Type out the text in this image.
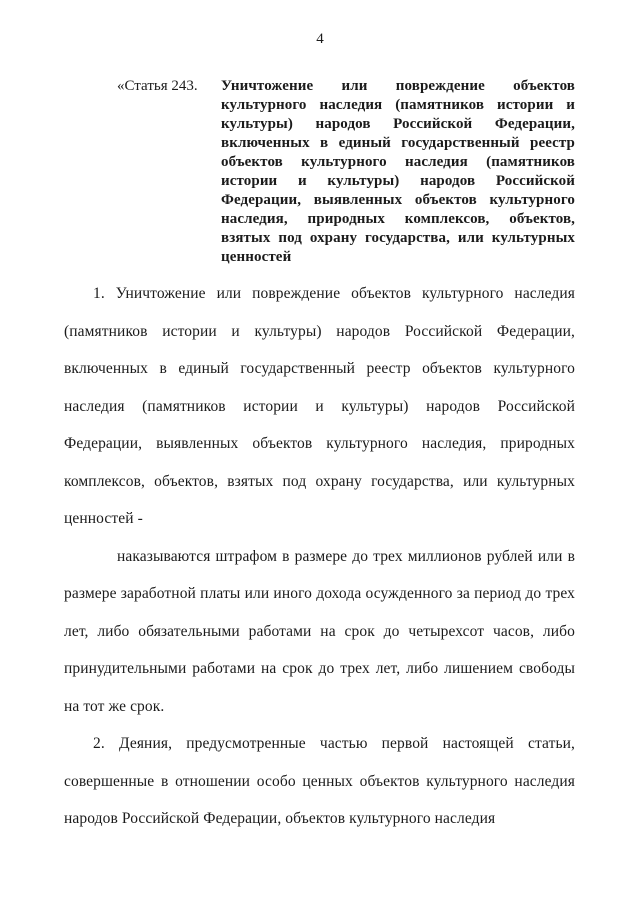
4
«Статья 243.	Уничтожение или повреждение объектов культурного наследия (памятников истории и культуры) народов Российской Федерации, включенных в единый государственный реестр объектов культурного наследия (памятников истории и культуры) народов Российской Федерации, выявленных объектов культурного наследия, природных комплексов, объектов, взятых под охрану государства, или культурных ценностей

1. Уничтожение или повреждение объектов культурного наследия (памятников истории и культуры) народов Российской Федерации, включенных в единый государственный реестр объектов культурного наследия (памятников истории и культуры) народов Российской Федерации, выявленных объектов культурного наследия, природных комплексов, объектов, взятых под охрану государства, или культурных ценностей -

наказываются штрафом в размере до трех миллионов рублей или в размере заработной платы или иного дохода осужденного за период до трех лет, либо обязательными работами на срок до четырехсот часов, либо принудительными работами на срок до трех лет, либо лишением свободы на тот же срок.

2. Деяния, предусмотренные частью первой настоящей статьи, совершенные в отношении особо ценных объектов культурного наследия народов Российской Федерации, объектов культурного наследия
